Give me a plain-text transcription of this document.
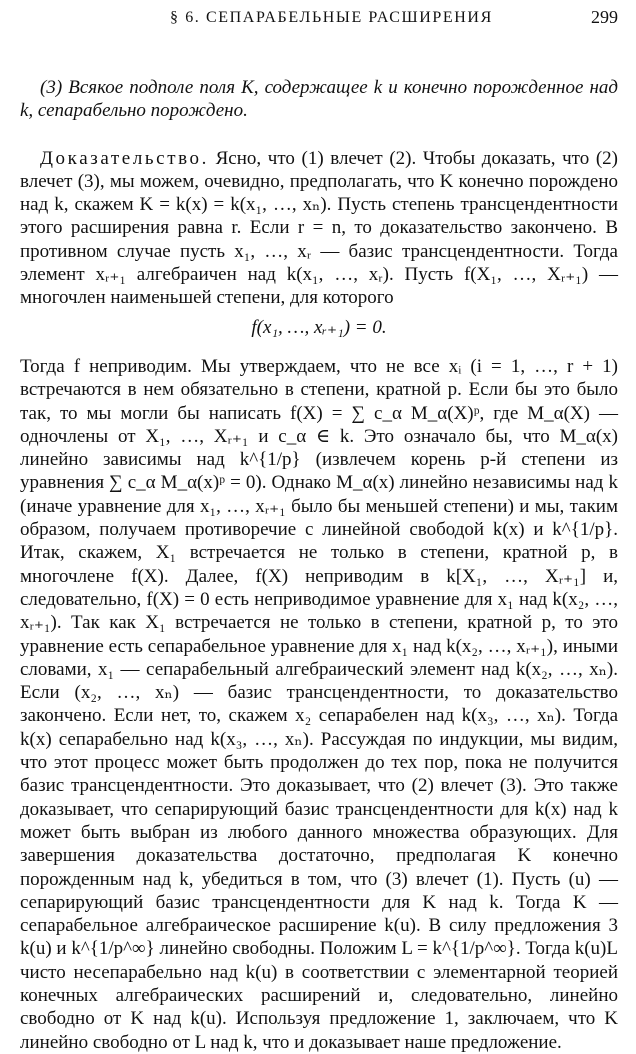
§ 6. СЕПАРАБЕЛЬНЫЕ РАСШИРЕНИЯ	299

(3) Всякое подполе поля K, содержащее k и конечно порожденное над k, сепарабельно порождено.

Доказательство. Ясно, что (1) влечет (2). Чтобы доказать, что (2) влечет (3), мы можем, очевидно, предполагать, что K конечно порождено над k, скажем K = k(x) = k(x₁, …, xₙ). Пусть степень трансцендентности этого расширения равна r. Если r = n, то доказательство закончено. В противном случае пусть x₁, …, xᵣ — базис трансцендентности. Тогда элемент xᵣ₊₁ алгебраичен над k(x₁, …, xᵣ). Пусть f(X₁, …, Xᵣ₊₁) — многочлен наименьшей степени, для которого

f(x₁, …, xᵣ₊₁) = 0.

Тогда f неприводим. Мы утверждаем, что не все xᵢ (i = 1, …, r + 1) встречаются в нем обязательно в степени, кратной p. Если бы это было так, то мы могли бы написать f(X) = ∑ c_α M_α(X)ᵖ, где M_α(X) — одночлены от X₁, …, Xᵣ₊₁ и c_α ∈ k. Это означало бы, что M_α(x) линейно зависимы над k^{1/p} (извлечем корень p-й степени из уравнения ∑ c_α M_α(x)ᵖ = 0). Однако M_α(x) линейно независимы над k (иначе уравнение для x₁, …, xᵣ₊₁ было бы меньшей степени) и мы, таким образом, получаем противоречие с линейной свободой k(x) и k^{1/p}. Итак, скажем, X₁ встречается не только в степени, кратной p, в многочлене f(X). Далее, f(X) неприводим в k[X₁, …, Xᵣ₊₁] и, следовательно, f(X) = 0 есть неприводимое уравнение для x₁ над k(x₂, …, xᵣ₊₁). Так как X₁ встречается не только в степени, кратной p, то это уравнение есть сепарабельное уравнение для x₁ над k(x₂, …, xᵣ₊₁), иными словами, x₁ — сепарабельный алгебраический элемент над k(x₂, …, xₙ). Если (x₂, …, xₙ) — базис трансцендентности, то доказательство закончено. Если нет, то, скажем x₂ сепарабелен над k(x₃, …, xₙ). Тогда k(x) сепарабельно над k(x₃, …, xₙ). Рассуждая по индукции, мы видим, что этот процесс может быть продолжен до тех пор, пока не получится базис трансцендентности. Это доказывает, что (2) влечет (3). Это также доказывает, что сепарирующий базис трансцендентности для k(x) над k может быть выбран из любого данного множества образующих. Для завершения доказательства достаточно, предполагая K конечно порожденным над k, убедиться в том, что (3) влечет (1). Пусть (u) — сепарирующий базис трансцендентности для K над k. Тогда K — сепарабельное алгебраическое расширение k(u). В силу предложения 3 k(u) и k^{1/p^∞} линейно свободны. Положим L = k^{1/p^∞}. Тогда k(u)L чисто несепарабельно над k(u) в соответствии с элементарной теорией конечных алгебраических расширений и, следовательно, линейно свободно от K над k(u). Используя предложение 1, заключаем, что K линейно свободно от L над k, что и доказывает наше предложение.
